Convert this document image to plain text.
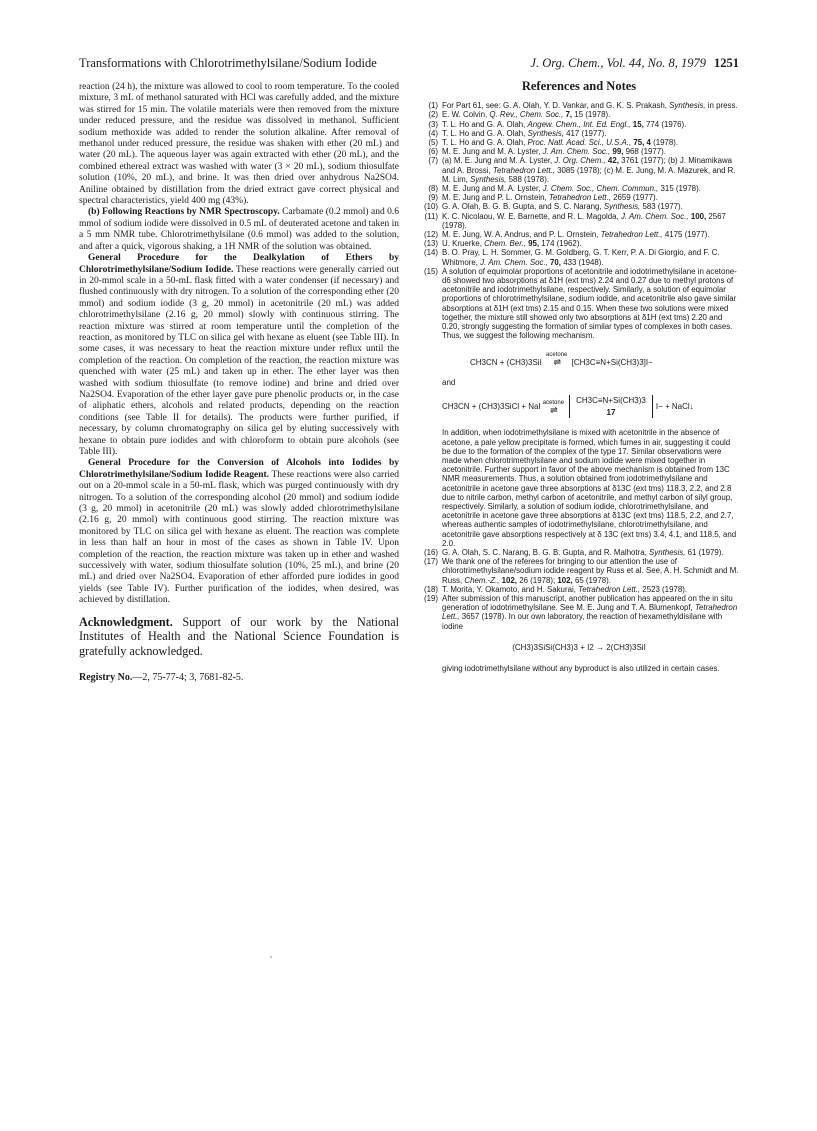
Transformations with Chlorotrimethylsilane/Sodium Iodide	J. Org. Chem., Vol. 44, No. 8, 1979 1251

reaction (24 h), the mixture was allowed to cool to room temperature. To the cooled mixture, 3 mL of methanol saturated with HCl was carefully added, and the mixture was stirred for 15 min. The volatile materials were then removed from the mixture under reduced pressure, and the residue was dissolved in methanol. Sufficient sodium methoxide was added to render the solution alkaline. After removal of methanol under reduced pressure, the residue was shaken with ether (20 mL) and water (20 mL). The aqueous layer was again extracted with ether (20 mL), and the combined ethereal extract was washed with water (3 × 20 mL), sodium thiosulfate solution (10%, 20 mL), and brine. It was then dried over anhydrous Na2SO4. Aniline obtained by distillation from the dried extract gave correct physical and spectral characteristics, yield 400 mg (43%).

(b) Following Reactions by NMR Spectroscopy. Carbamate (0.2 mmol) and 0.6 mmol of sodium iodide were dissolved in 0.5 mL of deuterated acetone and taken in a 5 mm NMR tube. Chlorotrimethylsilane (0.6 mmol) was added to the solution, and after a quick, vigorous shaking, a 1H NMR of the solution was obtained.

General Procedure for the Dealkylation of Ethers by Chlorotrimethylsilane/Sodium Iodide. These reactions were generally carried out in 20-mmol scale in a 50-mL flask fitted with a water condenser (if necessary) and flushed continuously with dry nitrogen. To a solution of the corresponding ether (20 mmol) and sodium iodide (3 g, 20 mmol) in acetonitrile (20 mL) was added chlorotrimethylsilane (2.16 g, 20 mmol) slowly with continuous stirring. The reaction mixture was stirred at room temperature until the completion of the reaction, as monitored by TLC on silica gel with hexane as eluent (see Table III). In some cases, it was necessary to heat the reaction mixture under reflux until the completion of the reaction. On completion of the reaction, the reaction mixture was quenched with water (25 mL) and taken up in ether. The ether layer was then washed with sodium thiosulfate (to remove iodine) and brine and dried over Na2SO4. Evaporation of the ether layer gave pure phenolic products or, in the case of aliphatic ethers, alcohols and related products, depending on the reaction conditions (see Table II for details). The products were further purified, if necessary, by column chromatography on silica gel by eluting successively with hexane to obtain pure iodides and with chloroform to obtain pure alcohols (see Table III).

General Procedure for the Conversion of Alcohols into Iodides by Chlorotrimethylsilane/Sodium Iodide Reagent. These reactions were also carried out on a 20-mmol scale in a 50-mL flask, which was purged continuously with dry nitrogen. To a solution of the corresponding alcohol (20 mmol) and sodium iodide (3 g, 20 mmol) in acetonitrile (20 mL) was slowly added chlorotrimethylsilane (2.16 g, 20 mmol) with continuous good stirring. The reaction mixture was monitored by TLC on silica gel with hexane as eluent. The reaction was complete in less than half an hour in most of the cases as shown in Table IV. Upon completion of the reaction, the reaction mixture was taken up in ether and washed successively with water, sodium thiosulfate solution (10%, 25 mL), and brine (20 mL) and dried over Na2SO4. Evaporation of ether afforded pure iodides in good yields (see Table IV). Further purification of the iodides, when desired, was achieved by distillation.

Acknowledgment. Support of our work by the National Institutes of Health and the National Science Foundation is gratefully acknowledged.

Registry No.—2, 75-77-4; 3, 7681-82-5.

References and Notes

(1) For Part 61, see: G. A. Olah, Y. D. Vankar, and G. K. S. Prakash, Synthesis, in press.

(2) E. W. Colvin, Q. Rev., Chem. Soc., 7, 15 (1978).

(3) T. L. Ho and G. A. Olah, Angew. Chem., Int. Ed. Engl., 15, 774 (1976).

(4) T. L. Ho and G. A. Olah, Synthesis, 417 (1977).

(5) T. L. Ho and G. A. Olah, Proc. Natl. Acad. Sci., U.S.A., 75, 4 (1978).

(6) M. E. Jung and M. A. Lyster, J. Am. Chem. Soc., 99, 968 (1977).

(7) (a) M. E. Jung and M. A. Lyster, J. Org. Chem., 42, 3761 (1977); (b) J. Minamikawa and A. Brossi, Tetrahedron Lett., 3085 (1978); (c) M. E. Jung, M. A. Mazurek, and R. M. Lim, Synthesis, 588 (1978).

(8) M. E. Jung and M. A. Lyster, J. Chem. Soc., Chem. Commun., 315 (1978).

(9) M. E. Jung and P. L. Ornstein, Tetrahedron Lett., 2659 (1977).

(10) G. A. Olah, B. G. B. Gupta, and S. C. Narang, Synthesis, 583 (1977).

(11) K. C. Nicolaou, W. E. Barnette, and R. L. Magolda, J. Am. Chem. Soc., 100, 2567 (1978).

(12) M. E. Jung, W. A. Andrus, and P. L. Ornstein, Tetrahedron Lett., 4175 (1977).

(13) U. Kruerke, Chem. Ber., 95, 174 (1962).

(14) B. O. Pray, L. H. Sommer, G. M. Goldberg, G. T. Kerr, P. A. Di Giorgio, and F. C. Whitmore, J. Am. Chem. Soc., 70, 433 (1948).

(15) A solution of equimolar proportions of acetonitrile and iodotrimethylsilane in acetone-d6 showed two absorptions at δ1H (ext tms) 2.24 and 0.27 due to methyl protons of acetonitrile and iodotrimethylsilane, respectively. Similarly, a solution of equimolar proportions of chlorotrimethylsilane, sodium iodide, and acetonitrile also gave similar absorptions at δ1H (ext tms) 2.15 and 0.15. When these two solutions were mixed together, the mixture still showed only two absorptions at δ1H (ext tms) 2.20 and 0.20, strongly suggesting the formation of similar types of complexes in both cases. Thus, we suggest the following mechanism.

CH3CN + (CH3)3SiI
acetone
⇌	[CH3C≡N+Si(CH3)3]I−
and
CH3CN + (CH3)3SiCl + NaI acetone
⇌
CH3C≡N+Si(CH3)3
17
I− + NaCl↓

In addition, when iodotrimethylsilane is mixed with acetonitrile in the absence of acetone, a pale yellow precipitate is formed, which fumes in air, suggesting it could be due to the formation of the complex of the type 17. Similar observations were made when chlorotrimethylsilane and sodium iodide were mixed together in acetonitrile. Further support in favor of the above mechanism is obtained from 13C NMR measurements. Thus, a solution obtained from iodotrimethylsilane and acetonitrile in acetone gave three absorptions at δ13C (ext tms) 118.3, 2.2, and 2.8 due to nitrile carbon, methyl carbon of acetonitrile, and methyl carbon of silyl group, respectively. Similarly, a solution of sodium iodide, chlorotrimethylsilane, and acetonitrile in acetone gave three absorptions at δ13C (ext tms) 118.5, 2.2, and 2.7, whereas authentic samples of iodotrimethylsilane, chlorotrimethylsilane, and acetonitrile gave absorptions respectively at δ 13C (ext tms) 3.4, 4.1, and 118.5, and 2.0.

(16) G. A. Olah, S. C. Narang, B. G. B. Gupta, and R. Malhotra, Synthesis, 61 (1979).

(17) We thank one of the referees for bringing to our attention the use of chlorotrimethylsilane/sodium iodide reagent by Russ et al. See, A. H. Schmidt and M. Russ, Chem.-Z., 102, 26 (1978); 102, 65 (1978).

(18) T. Morita, Y. Okamoto, and H. Sakurai, Tetrahedron Lett., 2523 (1978).

(19) After submission of this manuscript, another publication has appeared on the in situ generation of iodotrimethylsilane. See M. E. Jung and T. A. Blumenkopf, Tetrahedron Lett., 3657 (1978). In our own laboratory, the reaction of hexamethyldisilane with iodine

(CH3)3SiSi(CH3)3 + I2 → 2(CH3)3SiI

giving iodotrimethylsilane without any byproduct is also utilized in certain cases.
